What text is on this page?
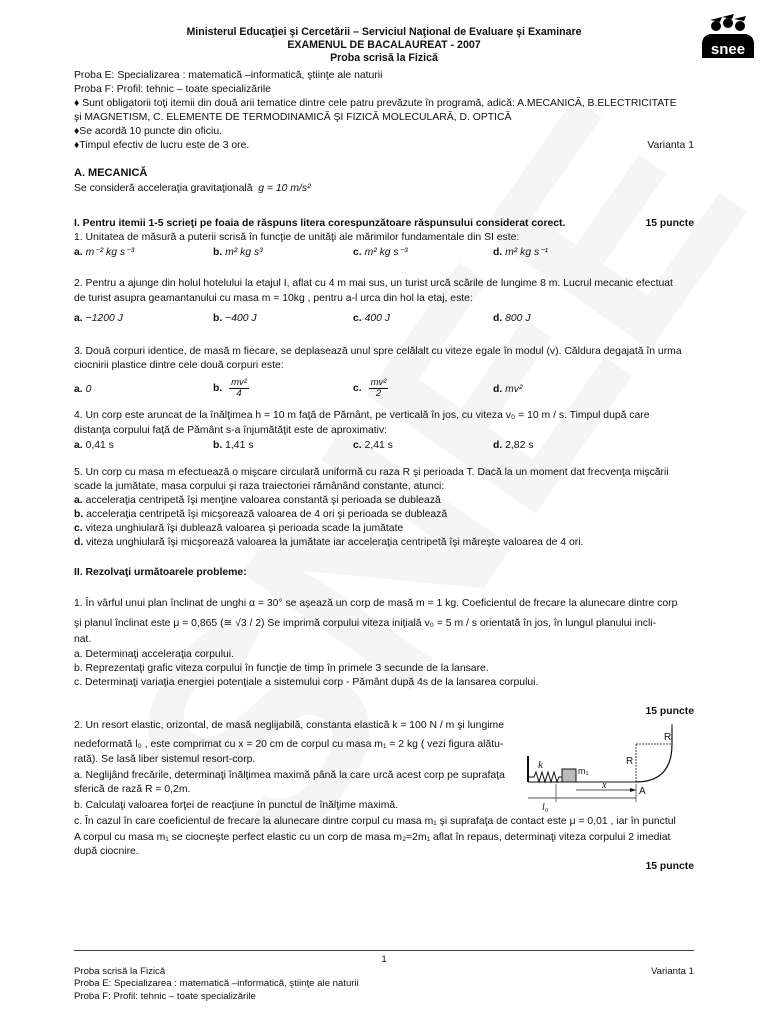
Ministerul Educaţiei şi Cercetării – Serviciul Naţional de Evaluare şi Examinare
EXAMENUL DE BACALAUREAT - 2007
Proba scrisă la Fizică
snee
Proba E: Specializarea : matematică –informatică, ştiinţe ale naturii
Proba F: Profil: tehnic – toate specializările
♦ Sunt obligatorii toţi itemii din două arii tematice dintre cele patru prevăzute în programă, adică: A.MECANICĂ, B.ELECTRICITATE
şi MAGNETISM, C. ELEMENTE DE TERMODINAMICĂ ŞI FIZICĂ MOLECULARĂ, D. OPTICĂ
♦Se acordă 10 puncte din oficiu.
♦Timpul efectiv de lucru este de 3 ore.	Varianta 1
A. MECANICĂ
Se consideră acceleraţia gravitaţională g = 10 m/s²
I. Pentru itemii 1-5 scrieţi pe foaia de răspuns litera corespunzătoare răspunsului considerat corect.	15 puncte
1. Unitatea de măsură a puterii scrisă în funcţie de unităţi ale mărimilor fundamentale din SI este:
a. m⁻² kg s⁻³	b. m² kg s³	c. m² kg s⁻³	d. m² kg s⁻¹
2. Pentru a ajunge din holul hotelului la etajul I, aflat cu 4 m mai sus, un turist urcă scările de lungime 8 m. Lucrul mecanic efectuat
de turist asupra geamantanului cu masa m = 10kg , pentru a-l urca din hol la etaj, este:
a. −1200 J	b. −400 J	c. 400 J	d. 800 J
3. Două corpuri identice, de masă m fiecare, se deplasează unul spre celălalt cu viteze egale în modul (v). Căldura degajată în urma
ciocnirii plastice dintre cele două corpuri este:
a. 0	b. $\frac{\text{mv²}}{4}$	c. $\frac{\text{mv²}}{2}$	d. mv²
4. Un corp este aruncat de la înălţimea h = 10 m faţă de Pământ, pe verticală în jos, cu viteza v₀ = 10 m / s. Timpul după care
distanţa corpului faţă de Pământ s-a înjumătăţit este de aproximativ:
a. 0,41 s	b. 1,41 s	c. 2,41 s	d. 2,82 s
5. Un corp cu masa m efectuează o mişcare circulară uniformă cu raza R şi perioada T. Dacă la un moment dat frecvenţa mişcării
scade la jumătate, masa corpului şi raza traiectoriei rămânând constante, atunci:
a. acceleraţia centripetă îşi menţine valoarea constantă şi perioada se dublează
b. acceleraţia centripetă îşi micşorează valoarea de 4 ori şi perioada se dublează
c. viteza unghiulară îşi dublează valoarea şi perioada scade la jumătate
d. viteza unghiulară îşi micşorează valoarea la jumătate iar acceleraţia centripetă îşi măreşte valoarea de 4 ori.
II. Rezolvaţi următoarele probleme:
1. În vârful unui plan înclinat de unghi α = 30° se aşează un corp de masă m = 1 kg. Coeficientul de frecare la alunecare dintre corp
şi planul înclinat este μ = 0,865 (≅ √3 / 2) Se imprimă corpului viteza iniţială v₀ = 5 m / s orientată în jos, în lungul planului incli-
nat.
a. Determinaţi acceleraţia corpului.
b. Reprezentaţi grafic viteza corpului în funcţie de timp în primele 3 secunde de la lansare.
c. Determinaţi variaţia energiei potenţiale a sistemului corp - Pământ după 4s de la lansarea corpului.
15 puncte
2. Un resort elastic, orizontal, de masă neglijabilă, constanta elastică k = 100 N / m şi lungime
nedeformată l₀ , este comprimat cu x = 20 cm de corpul cu masa m₁ = 2 kg ( vezi figura alătu-
rată). Se lasă liber sistemul resort-corp.
a. Neglijând frecările, determinaţi înălţimea maximă până la care urcă acest corp pe suprafaţa
sferică de rază R = 0,2m.
b. Calculaţi valoarea forţei de reacţiune în punctul de înălţime maximă.
c. În cazul în care coeficientul de frecare la alunecare dintre corpul cu masa m₁ şi suprafaţa de contact este μ = 0,01 , iar în punctul
A corpul cu masa m₁ se ciocneşte perfect elastic cu un corp de masa m₂=2m₁ aflat în repaus, determinaţi viteza corpului 2 imediat
după ciocnire.
15 puncte
k	m₁
R
R
l₀
x
A
1
Proba scrisă la Fizică	Varianta 1
Proba E: Specializarea : matematică –informatică, ştiinţe ale naturii
Proba F: Profil: tehnic – toate specializările
